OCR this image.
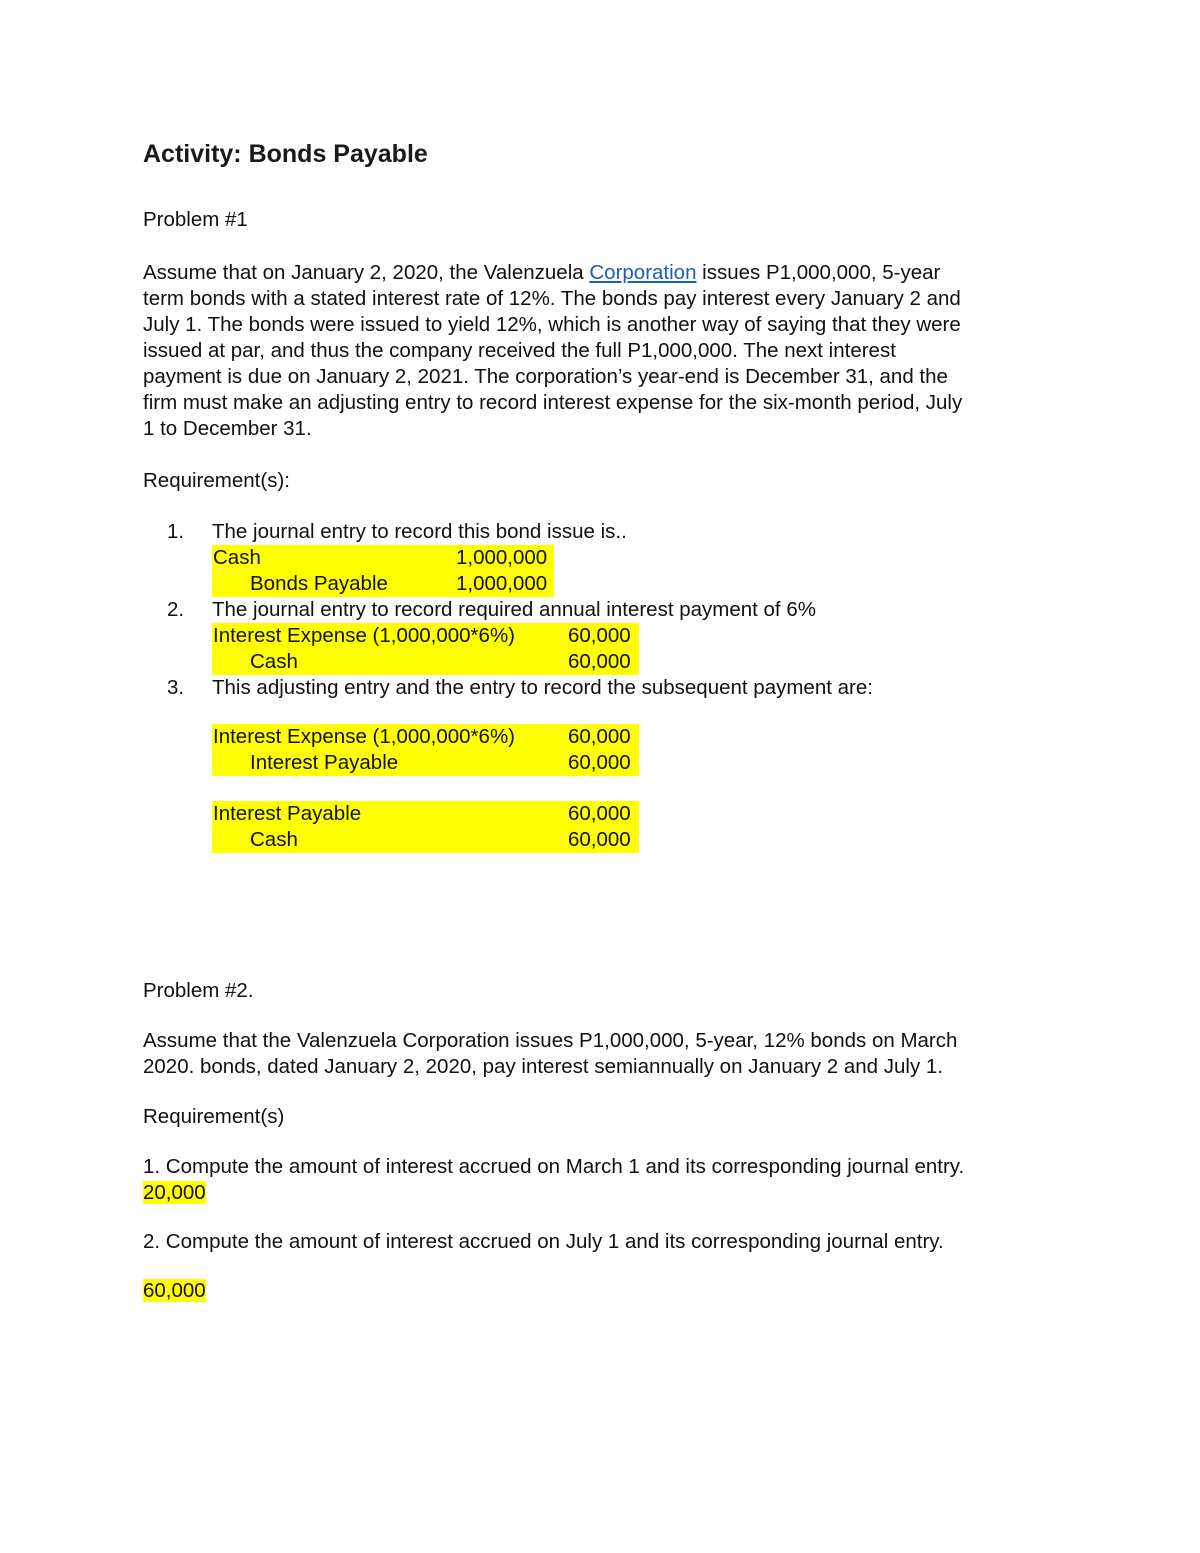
Activity: Bonds Payable
Problem #1
Assume that on January 2, 2020, the Valenzuela Corporation issues P1,000,000, 5-year
term bonds with a stated interest rate of 12%. The bonds pay interest every January 2 and
July 1. The bonds were issued to yield 12%, which is another way of saying that they were
issued at par, and thus the company received the full P1,000,000. The next interest
payment is due on January 2, 2021. The corporation’s year-end is December 31, and the
firm must make an adjusting entry to record interest expense for the six-month period, July
1 to December 31.
Requirement(s):
1. The journal entry to record this bond issue is..
Cash	1,000,000
Bonds Payable	1,000,000
2. The journal entry to record required annual interest payment of 6%
Interest Expense (1,000,000*6%)	60,000
Cash	60,000
3. This adjusting entry and the entry to record the subsequent payment are:
Interest Expense (1,000,000*6%)	60,000
Interest Payable	60,000
Interest Payable	60,000
Cash	60,000
Problem #2.
Assume that the Valenzuela Corporation issues P1,000,000, 5-year, 12% bonds on March
2020. bonds, dated January 2, 2020, pay interest semiannually on January 2 and July 1.
Requirement(s)
1. Compute the amount of interest accrued on March 1 and its corresponding journal entry.
20,000
2. Compute the amount of interest accrued on July 1 and its corresponding journal entry.
60,000
